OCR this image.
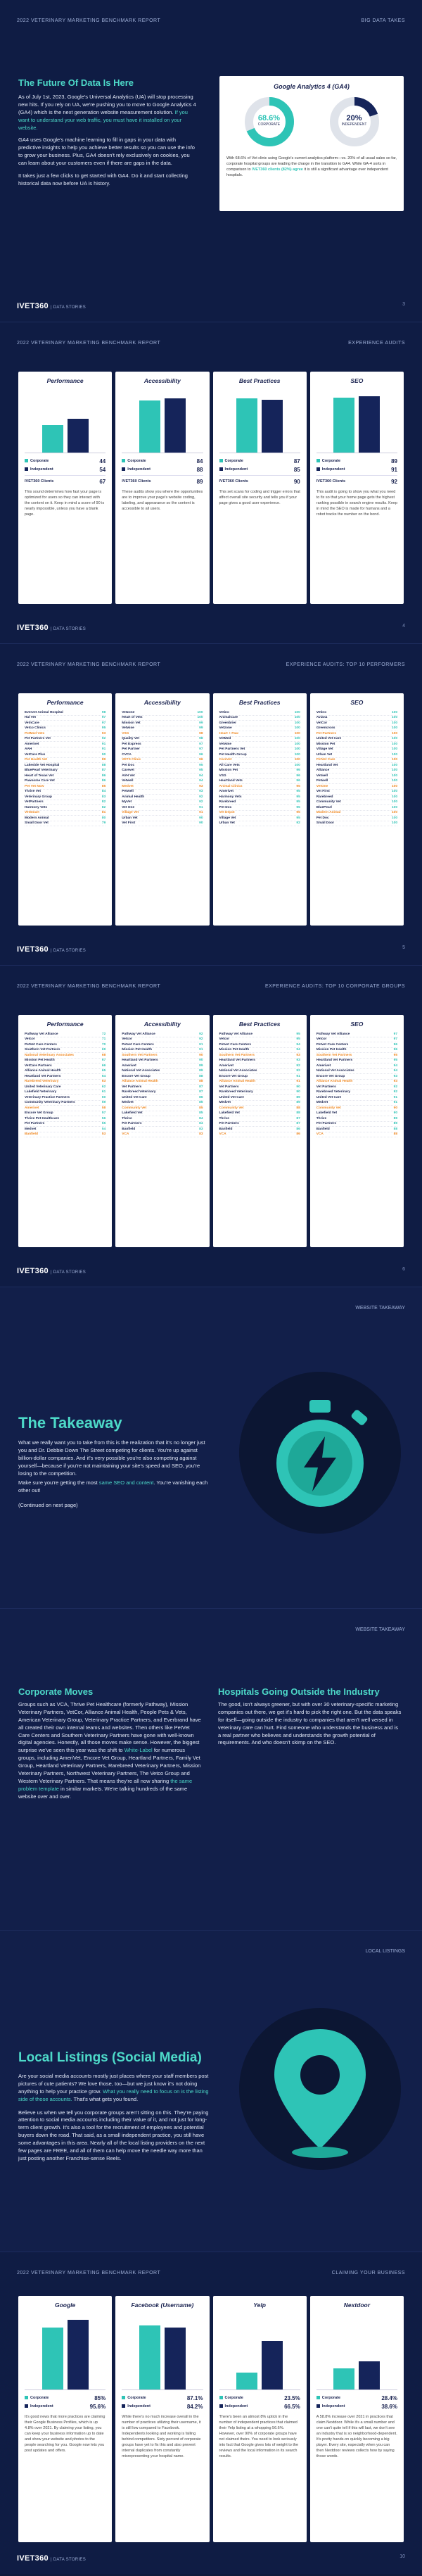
2022 VETERINARY MARKETING BENCHMARK REPORT	BIG DATA TAKES
The Future Of Data Is Here

As of July 1st, 2023, Google's Universal Analytics (UA) will stop processing new hits. If you rely on UA, we're pushing you to move to Google Analytics 4 (GA4) which is the next generation website measurement solution. If you want to understand your web traffic, you must have it installed on your website.

GA4 uses Google's machine learning to fill in gaps in your data with predictive insights to help you achieve better results so you can use the info to grow your business. Plus, GA4 doesn't rely exclusively on cookies, you can learn about your customers even if there are gaps in the data.

It takes just a few clicks to get started with GA4. Do it and start collecting historical data now before UA is history.

Google Analytics 4 (GA4)
68.6%
CORPORATE
20%
INDEPENDENT

With 68.6% of Vet clinic using Google's current analytics platform—vs. 20% of all usual sales so far, corporate hospital groups are leading the charge in the transition to GA4. While GA-4 sorts in comparison to IVET360 clients (82%) agree it is still a significant advantage over independent hospitals.

IVET360 | DATA STORIES
3
2022 VETERINARY MARKETING BENCHMARK REPORT	EXPERIENCE AUDITS
Performance
Corporate	44
Independent	54
IVET360 Clients	67
This sound determines how fast your page is optimized for users so they can interact with the content on it. Keep in mind a score of 90 is nearly impossible, unless you have a blank page.
Accessibility
Corporate	84
Independent	88
IVET360 Clients	89
These audits show you where the opportunities are to improve your page's website coding, labeling, and appearance so the content is accessible to all users.
Best Practices
Corporate	87
Independent	85
IVET360 Clients	90
This set scans for coding and trigger errors that affect overall site security and tells you if your page gives a good user experience.
SEO
Corporate	89
Independent	91
IVET360 Clients	92
This audit is going to show you what you need to fix so that your home page gets the highest ranking possible in search engine results. Keep in mind the SEO is made for humans and a robot tracks the number on the bond.
IVET360 | DATA STORIES
4
2022 VETERINARY MARKETING BENCHMARK REPORT	EXPERIENCE AUDITS: TOP 10 PERFORMERS
Performance
Evervet Animal Hospital	98
Hal Vet	97
VetnCare	97
Vetco Clinics	95
PetMed Vets	93
Pet Partners Vet	92
Amerivet	91
AAH	91
VetCare Plus	90
Pet Health Vet	89
Lakeside Vet Hospital	88
BluePearl Veterinary	87
Heart of Texas Vet	86
Pawsome Care Vet	86
Pet Vet Now	85
Thrive Vet	84
Veterinary Group	83
VetPartners	82
Harmony Vets	82
VetSmart	81
Modern Animal	80
Small Door Vet	79
Accessibility
Vetzone	100
Heart of Vets	100
Mission Vet	99
Vetwise	99
VSG	98
Quality Vet	98
Pet Express	97
Pet Partner	97
CVCA	96
VETS Clinic	96
Pet Doc	95
Carevet	95
AVH Vet	94
Vetwell	94
Medvet	93
Petwell	93
Animal Health	92
MyVet	92
Vet One	91
Village Vet	91
Urban Vet	90
Vet First	90
Best Practices
Vetino	100
AnimalCare	100
Greenbrier	100
Vetzone	100
Heart + Paw	100
VetMed	100
Vetwise	100
Pet Partners Vet	100
Pet Health Group	100
CareVet	100
All Care Vets	100
Mission Pet	96
VSG	96
Heartland Vets	96
Animal Clinics	95
Amerivet	95
Harmony Vets	95
Rarebreed	95
Pet Doc	95
Vet Depot	95
Village Vet	95
Urban Vet	92
SEO
Vetino	100
Aviana	100
VetCor	100
Greencross	100
Pet Partners	100
United Vet Care	100
Mission Pet	100
Village Vet	100
Urban Vet	100
PetVet Care	100
Heartland Vet	100
Alliance	100
Vetwell	100
Petwell	100
VetOne	100
Vet First	100
Rarebreed	100
Community Vet	100
BluePearl	100
Modern Animal	100
Pet Doc	100
Small Door	100
IVET360 | DATA STORIES
5
2022 VETERINARY MARKETING BENCHMARK REPORT	EXPERIENCE AUDITS: TOP 10 CORPORATE GROUPS
Performance
Pathway Vet Alliance	72
Vetcor	71
PetVet Care Centers	70
Southern Vet Partners	69
National Veterinary Associates	68
Mission Pet Health	67
VetCare Partners	66
Alliance Animal Health	65
Heartland Vet Partners	64
Rarebreed Veterinary	63
United Veterinary Care	62
Lakefield Veterinary	61
Veterinary Practice Partners	60
Community Veterinary Partners	59
Amerivet	58
Encore Vet Group	57
Thrive Pet Healthcare	56
Pet Partners	55
Medvet	54
Banfield	53
Accessibility
Pathway Vet Alliance	92
Vetcor	92
Petvet Care Centers	91
Mission Pet Health	91
Southern Vet Partners	90
Heartland Vet Partners	90
Amerivet	89
National Vet Associates	89
Encore Vet Group	88
Alliance Animal Health	88
Vet Partners	87
Rarebreed Veterinary	87
United Vet Care	86
Medvet	86
Community Vet	85
Lakefield Vet	85
Thrive	84
Pet Partners	84
Banfield	83
VCA	83
Best Practices
Pathway Vet Alliance	95
Vetcor	95
Petvet Care Centers	94
Mission Pet Health	94
Southern Vet Partners	93
Heartland Vet Partners	93
Amerivet	92
National Vet Associates	92
Encore Vet Group	91
Alliance Animal Health	91
Vet Partners	90
Rarebreed Veterinary	90
United Vet Care	89
Medvet	89
Community Vet	88
Lakefield Vet	88
Thrive	87
Pet Partners	87
Banfield	86
VCA	86
SEO
Pathway Vet Alliance	97
Vetcor	97
Petvet Care Centers	96
Mission Pet Health	96
Southern Vet Partners	95
Heartland Vet Partners	95
Amerivet	94
National Vet Associates	94
Encore Vet Group	93
Alliance Animal Health	93
Vet Partners	92
Rarebreed Veterinary	92
United Vet Care	91
Medvet	91
Community Vet	90
Lakefield Vet	90
Thrive	89
Pet Partners	89
Banfield	88
VCA	88
IVET360 | DATA STORIES
6
WEBSITE TAKEAWAY
The Takeaway

What we really want you to take from this is the realization that it's no longer just you and Dr. Debbie Down The Street competing for clients. You're up against billion-dollar companies. And it's very possible you're also competing against yourself—because if you're not maintaining your site's speed and SEO, you're losing to the competition.

Make sure you're getting the most same SEO and content. You're vanishing each other out!

(Continued on next page)

WEBSITE TAKEAWAY
Corporate Moves

Groups such as VCA, Thrive Pet Healthcare (formerly Pathway), Mission Veterinary Partners, VetCor, Alliance Animal Health, People Pets & Vets, American Veterinary Group, Veterinary Practice Partners, and Everbrand have all created their own internal teams and websites. Then others like PetVet Care Centers and Southern Veterinary Partners have gone with well-known digital agencies. Honestly, all those moves make sense. However, the biggest surprise we've seen this year was the shift to White-Label for numerous groups, including AmeriVet, Encore Vet Group, Heartland Partners, Family Vet Group, Heartland Veterinary Partners, Rarebreed Veterinary Partners, Mission Veterinary Partners, Northwest Veterinary Partners, The Vetco Group and Western Veterinary Partners. That means they're all now sharing the same problem template in similar markets. We're talking hundreds of the same website over and over.

Hospitals Going Outside the Industry

The good, isn't always greener, but with over 30 veterinary-specific marketing companies out there, we get it's hard to pick the right one. But the data speaks for itself—going outside the industry to companies that aren't well versed in veterinary care can hurt. Find someone who understands the business and is a real partner who believes and understands the growth potential of requirements. And who doesn't skimp on the SEO.

LOCAL LISTINGS
Local Listings (Social Media)

Are your social media accounts mostly just places where your staff members post pictures of cute patients? We love those, too—but we just know it's not doing anything to help your practice grow. What you really need to focus on is the listing side of those accounts. That's what gets you found.

Believe us when we tell you corporate groups aren't sitting on this. They're paying attention to social media accounts including their value of it, and not just for long-term client growth. It's also a tool for the recruitment of employees and potential buyers down the road. That said, as a small independent practice, you still have some advantages in this area. Nearly all of the local listing providers on the next few pages are FREE, and all of them can help move the needle way more than just posting another Franchise-sense Reels.

2022 VETERINARY MARKETING BENCHMARK REPORT	CLAIMING YOUR BUSINESS
Google
Corporate	85%
Independent	95.6%
It's good news that more practices are claiming their Google Business Profiles, which is up 4.8% over 2021. By claiming your listing, you can keep your business information up to date and show your website and photos to the people searching for you. Google now lets you post updates and offers.
Facebook (Username)
Corporate	87.1%
Independent	84.2%
While there's no much increase overall in the number of practices utilizing their username, it is still low compared to Facebook. Independents looking and working is falling behind competitors. Sixty percent of corporate groups have yet to fix this and also prevent internal duplicates from constantly misrepresenting your hospital name.
Yelp
Corporate	23.5%
Independent	66.5%
There's been an almost 8% uptick in the number of independent practices that claimed their Yelp listing at a whopping 56.6%. However, over 90% of corporate groups have not claimed theirs. You need to look seriously into fact that Google gives lots of weight to the reviews and the local information in its search results.
Nextdoor
Corporate	28.4%
Independent	38.6%
A 58.8% increase over 2021 in practices that claim Nextdoor. While it's a small number and one can't quite tell if this will last, we don't see an industry that is so neighborhood-dependent. It's pretty hands-on quickly becoming a big player. Every site, especially when you can then Nextdoor reviews collects how by saying those words.
IVET360 | DATA STORIES
10
